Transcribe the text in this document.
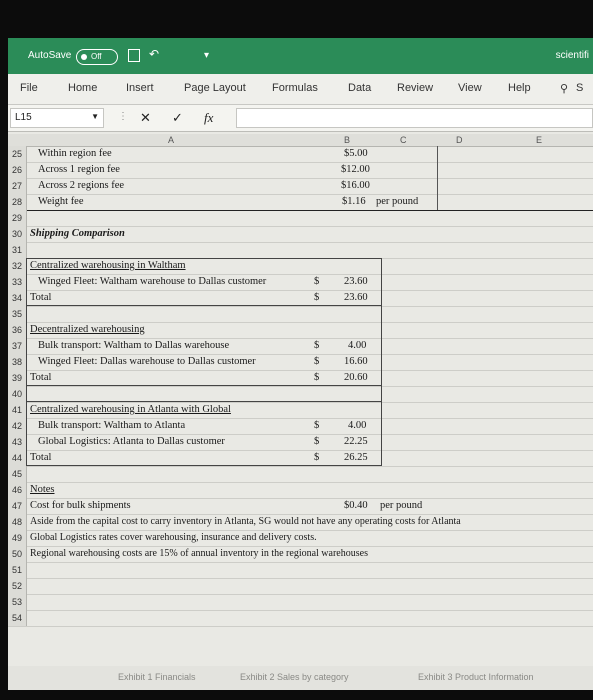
AutoSave Off	↶	▾	scientifi
File	Home	Insert	Page Layout Formulas	Data Review View Help	⚲ S
L15	▼ ⋮ ✕ ✓ fx
A	B	C	D	E
25	Within region fee	$5.00
26	Across 1 region fee	$12.00
27	Across 2 regions fee	$16.00
28	Weight fee	$1.16 per pound
29
30 Shipping Comparison
31
32 Centralized warehousing in Waltham
33	Winged Fleet: Waltham warehouse to Dallas customer	$ 23.60
34 Total	$ 23.60
35
36 Decentralized warehousing
37	Bulk transport: Waltham to Dallas warehouse	$	4.00
38	Winged Fleet: Dallas warehouse to Dallas customer	$ 16.60
39 Total	$ 20.60
40
41 Centralized warehousing in Atlanta with Global
42	Bulk transport: Waltham to Atlanta	$	4.00
43	Global Logistics: Atlanta to Dallas customer	$ 22.25
44 Total	$ 26.25
45
46 Notes
47 Cost for bulk shipments	$0.40 per pound
48 Aside from the capital cost to carry inventory in Atlanta, SG would not have any operating costs for Atlanta
49 Global Logistics rates cover warehousing, insurance and delivery costs.
50 Regional warehousing costs are 15% of annual inventory in the regional warehouses
51
52
53
54
Exhibit 1 Financials	Exhibit 2 Sales by category	Exhibit 3 Product Information
